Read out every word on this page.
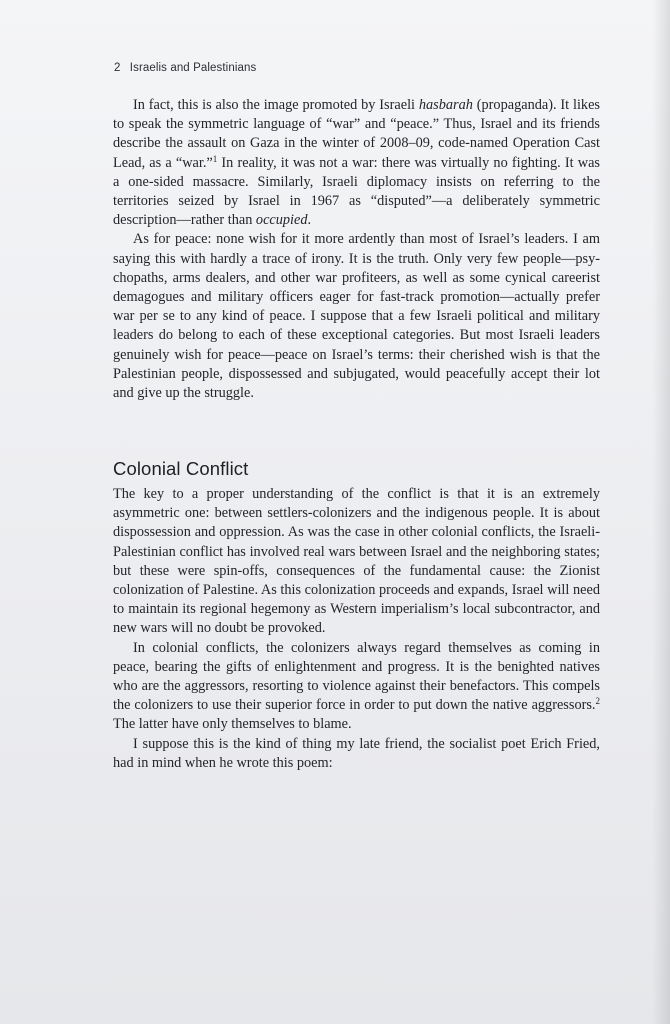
2 Israelis and Palestinians

In fact, this is also the image promoted by Israeli hasbarah (propaganda). It likes to speak the symmetric language of “war” and “peace.” Thus, Israel and its friends describe the assault on Gaza in the winter of 2008–09, code-named Operation Cast Lead, as a “war.”$^1$ In reality, it was not a war: there was virtually no fighting. It was a one-sided massacre. Similarly, Israeli diplomacy insists on referring to the territories seized by Israel in 1967 as “disputed”—a deliberately symmetric description—rather than occupied.

As for peace: none wish for it more ardently than most of Israel’s leaders. I am saying this with hardly a trace of irony. It is the truth. Only very few people—psychopaths, arms dealers, and other war profiteers, as well as some cynical careerist demagogues and military officers eager for fast-track promotion—actually prefer war per se to any kind of peace. I suppose that a few Israeli political and military leaders do belong to each of these exceptional categories. But most Israeli leaders genuinely wish for peace—peace on Israel’s terms: their cherished wish is that the Palestinian people, dispossessed and subjugated, would peacefully accept their lot and give up the struggle.

Colonial Conflict

The key to a proper understanding of the conflict is that it is an extremely asymmetric one: between settlers-colonizers and the indigenous people. It is about dispossession and oppression. As was the case in other colonial conflicts, the Israeli-Palestinian conflict has involved real wars between Israel and the neighboring states; but these were spin-offs, consequences of the fundamental cause: the Zionist colonization of Palestine. As this colonization proceeds and expands, Israel will need to maintain its regional hegemony as Western imperialism’s local subcontractor, and new wars will no doubt be provoked.

In colonial conflicts, the colonizers always regard themselves as coming in peace, bearing the gifts of enlightenment and progress. It is the benighted natives who are the aggressors, resorting to violence against their benefactors. This compels the colonizers to use their superior force in order to put down the native aggressors.$^2$ The latter have only themselves to blame.

I suppose this is the kind of thing my late friend, the socialist poet Erich Fried, had in mind when he wrote this poem:
